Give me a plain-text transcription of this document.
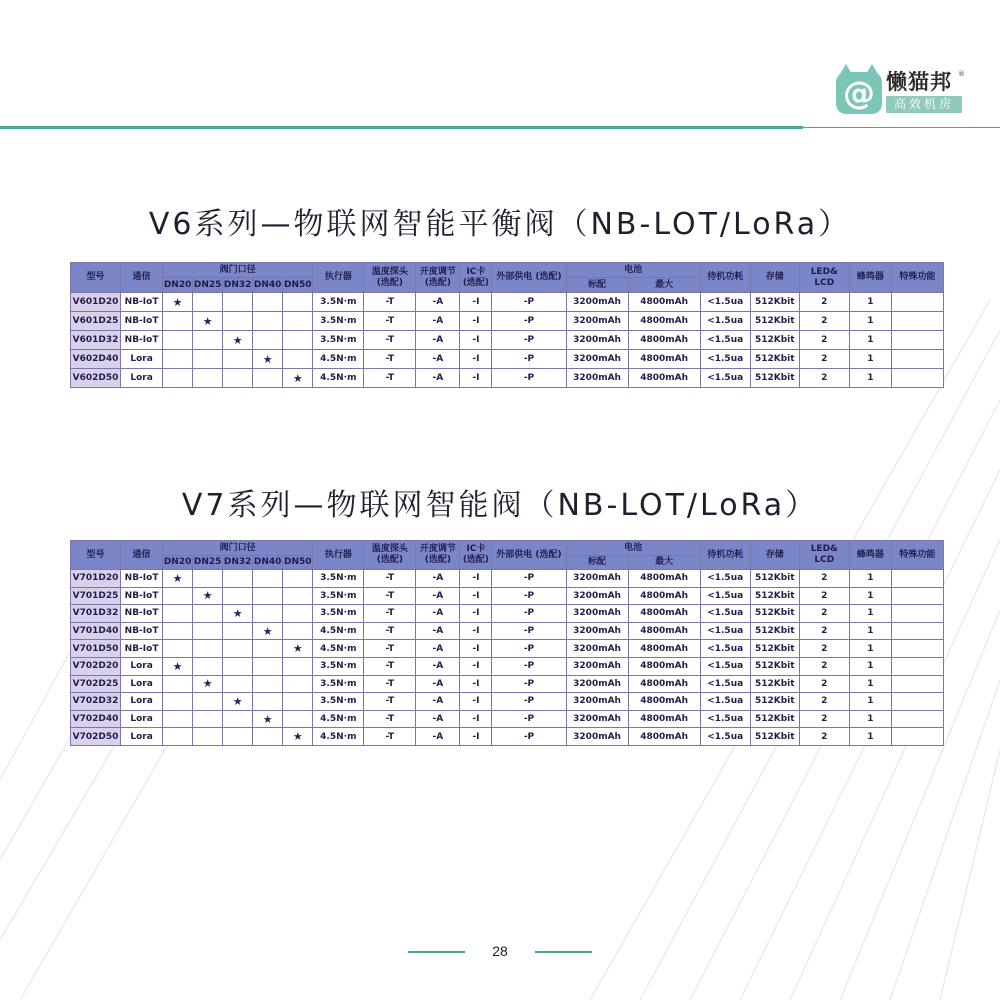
@ 懒猫邦 ®
高效机房
V6系列—物联网智能平衡阀（NB-LOT/LoRa）
型号	通信	阀门口径					执行器	温度探头 (选配)	开度调节 (选配)	IC卡 (选配)	外部供电 (选配)	电池		待机功耗	存储	LED& LCD	蜂鸣器	特殊功能
		DN20	DN25	DN32	DN40	DN50						标配	最大					
V601D20	NB-IoT	★					3.5N·m	-T	-A	-I	-P	3200mAh	4800mAh	<1.5ua	512Kbit	2	1	
V601D25	NB-IoT		★				3.5N·m	-T	-A	-I	-P	3200mAh	4800mAh	<1.5ua	512Kbit	2	1	
V601D32	NB-IoT			★			3.5N·m	-T	-A	-I	-P	3200mAh	4800mAh	<1.5ua	512Kbit	2	1	
V602D40	Lora				★		4.5N·m	-T	-A	-I	-P	3200mAh	4800mAh	<1.5ua	512Kbit	2	1	
V602D50	Lora					★	4.5N·m	-T	-A	-I	-P	3200mAh	4800mAh	<1.5ua	512Kbit	2	1	
V7系列—物联网智能阀（NB-LOT/LoRa）
型号	通信	阀门口径					执行器	温度探头 (选配)	开度调节 (选配)	IC卡 (选配)	外部供电 (选配)	电池		待机功耗	存储	LED& LCD	蜂鸣器	特殊功能
		DN20	DN25	DN32	DN40	DN50						标配	最大					
V701D20	NB-IoT	★					3.5N·m	-T	-A	-I	-P	3200mAh	4800mAh	<1.5ua	512Kbit	2	1	
V701D25	NB-IoT		★				3.5N·m	-T	-A	-I	-P	3200mAh	4800mAh	<1.5ua	512Kbit	2	1	
V701D32	NB-IoT			★			3.5N·m	-T	-A	-I	-P	3200mAh	4800mAh	<1.5ua	512Kbit	2	1	
V701D40	NB-IoT				★		4.5N·m	-T	-A	-I	-P	3200mAh	4800mAh	<1.5ua	512Kbit	2	1	
V701D50	NB-IoT					★	4.5N·m	-T	-A	-I	-P	3200mAh	4800mAh	<1.5ua	512Kbit	2	1	
V702D20	Lora	★					3.5N·m	-T	-A	-I	-P	3200mAh	4800mAh	<1.5ua	512Kbit	2	1	
V702D25	Lora		★				3.5N·m	-T	-A	-I	-P	3200mAh	4800mAh	<1.5ua	512Kbit	2	1	
V702D32	Lora			★			3.5N·m	-T	-A	-I	-P	3200mAh	4800mAh	<1.5ua	512Kbit	2	1	
V702D40	Lora				★		4.5N·m	-T	-A	-I	-P	3200mAh	4800mAh	<1.5ua	512Kbit	2	1	
V702D50	Lora					★	4.5N·m	-T	-A	-I	-P	3200mAh	4800mAh	<1.5ua	512Kbit	2	1	
28
